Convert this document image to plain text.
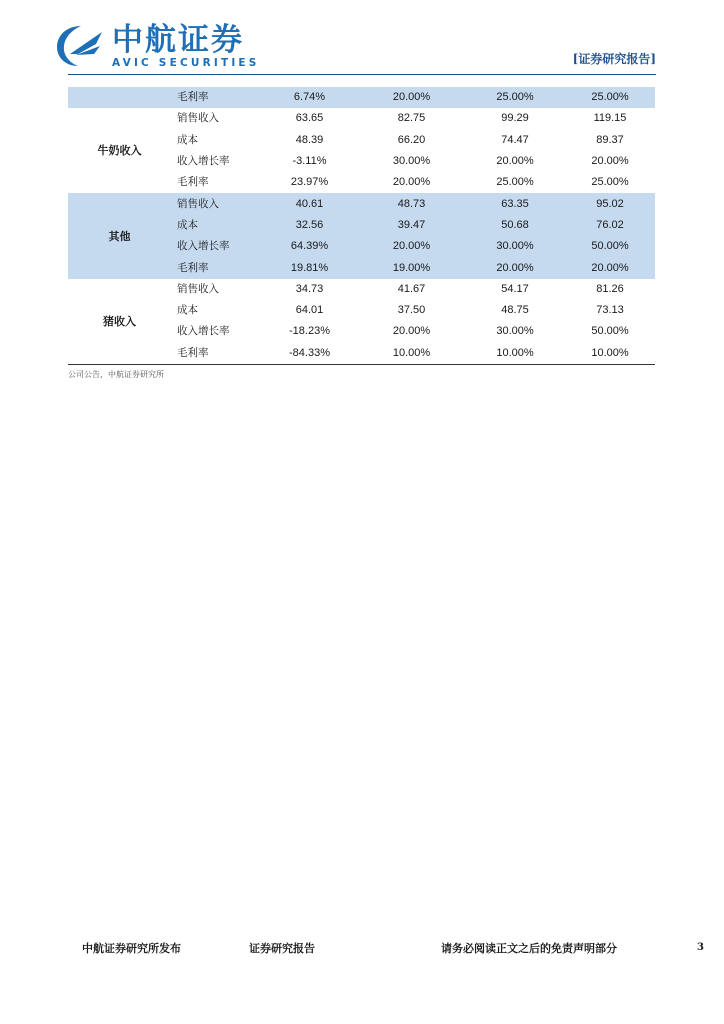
AVIC
中航证券
AVIC SECURITIES	[证券研究报告]
	毛利率	6.74%	20.00%	25.00%	25.00%
牛奶收入	销售收入	63.65	82.75	99.29	119.15
	成本	48.39	66.20	74.47	89.37
	收入增长率	-3.11%	30.00%	20.00%	20.00%
	毛利率	23.97%	20.00%	25.00%	25.00%
其他	销售收入	40.61	48.73	63.35	95.02
	成本	32.56	39.47	50.68	76.02
	收入增长率	64.39%	20.00%	30.00%	50.00%
	毛利率	19.81%	19.00%	20.00%	20.00%
猪收入	销售收入	34.73	41.67	54.17	81.26
	成本	64.01	37.50	48.75	73.13
	收入增长率	-18.23%	20.00%	30.00%	50.00%
	毛利率	-84.33%	10.00%	10.00%	10.00%
公司公告，中航证券研究所
中航证券研究所发布	证券研究报告	请务必阅读正文之后的免责声明部分	3
